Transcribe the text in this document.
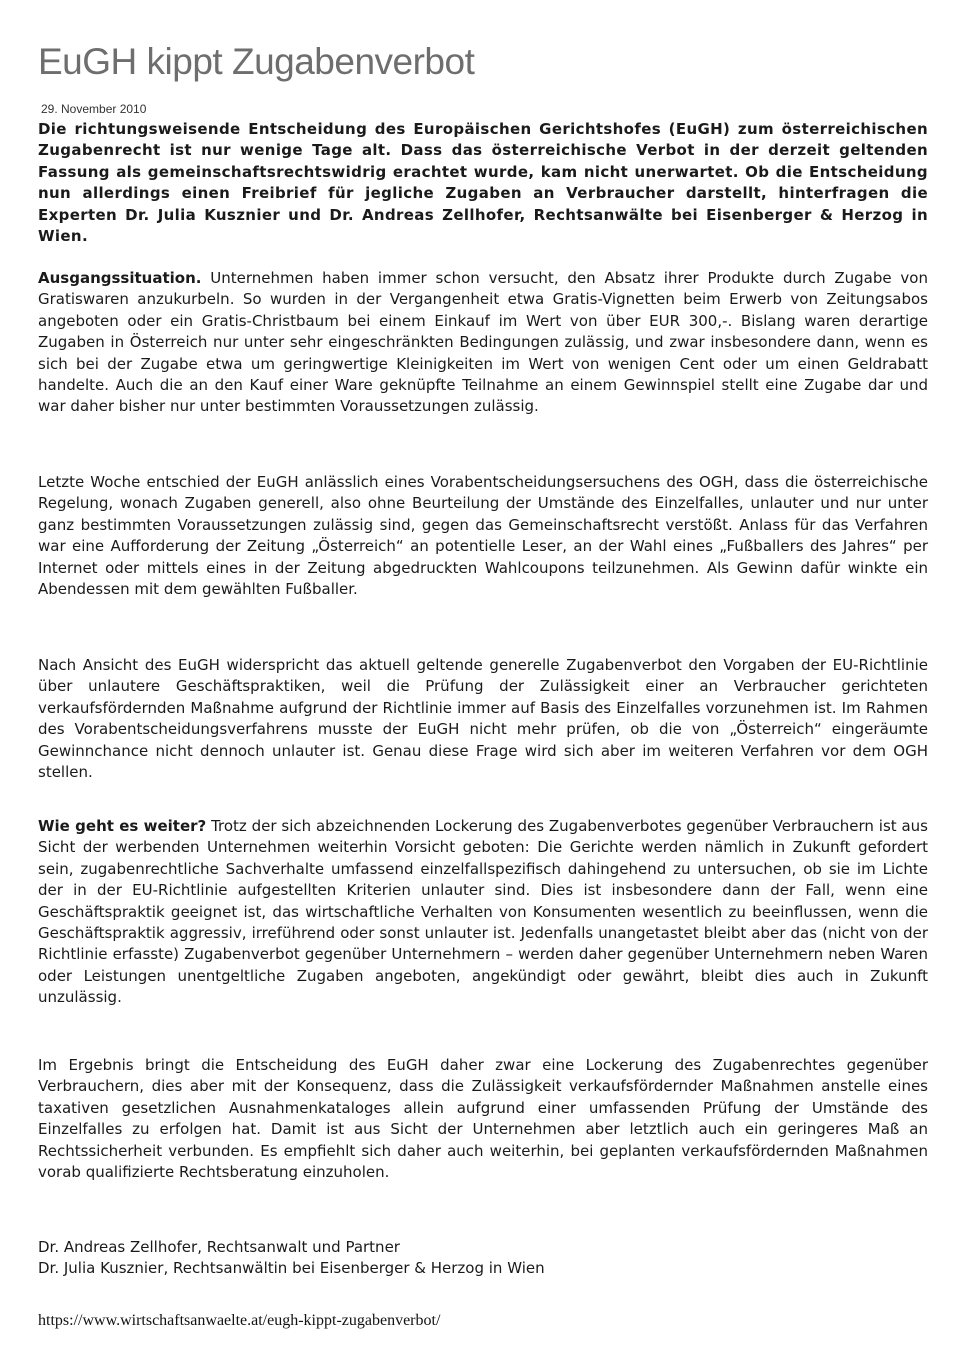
EuGH kippt Zugabenverbot
29. November 2010

Die richtungsweisende Entscheidung des Europäischen Gerichtshofes (EuGH) zum österreichischen Zugabenrecht ist nur wenige Tage alt. Dass das österreichische Verbot in der derzeit geltenden Fassung als gemeinschaftsrechtswidrig erachtet wurde, kam nicht unerwartet. Ob die Entscheidung nun allerdings einen Freibrief für jegliche Zugaben an Verbraucher darstellt, hinterfragen die Experten Dr. Julia Kusznier und Dr. Andreas Zellhofer, Rechtsanwälte bei Eisenberger & Herzog in Wien.

Ausgangssituation. Unternehmen haben immer schon versucht, den Absatz ihrer Produkte durch Zugabe von Gratiswaren anzukurbeln. So wurden in der Vergangenheit etwa Gratis-Vignetten beim Erwerb von Zeitungsabos angeboten oder ein Gratis-Christbaum bei einem Einkauf im Wert von über EUR 300,-. Bislang waren derartige Zugaben in Österreich nur unter sehr eingeschränkten Bedingungen zulässig, und zwar insbesondere dann, wenn es sich bei der Zugabe etwa um geringwertige Kleinigkeiten im Wert von wenigen Cent oder um einen Geldrabatt handelte. Auch die an den Kauf einer Ware geknüpfte Teilnahme an einem Gewinnspiel stellt eine Zugabe dar und war daher bisher nur unter bestimmten Voraussetzungen zulässig.

Letzte Woche entschied der EuGH anlässlich eines Vorabentscheidungsersuchens des OGH, dass die österreichische Regelung, wonach Zugaben generell, also ohne Beurteilung der Umstände des Einzelfalles, unlauter und nur unter ganz bestimmten Voraussetzungen zulässig sind, gegen das Gemeinschaftsrecht verstößt. Anlass für das Verfahren war eine Aufforderung der Zeitung „Österreich“ an potentielle Leser, an der Wahl eines „Fußballers des Jahres“ per Internet oder mittels eines in der Zeitung abgedruckten Wahlcoupons teilzunehmen. Als Gewinn dafür winkte ein Abendessen mit dem gewählten Fußballer.

Nach Ansicht des EuGH widerspricht das aktuell geltende generelle Zugabenverbot den Vorgaben der EU-Richtlinie über unlautere Geschäftspraktiken, weil die Prüfung der Zulässigkeit einer an Verbraucher gerichteten verkaufsfördernden Maßnahme aufgrund der Richtlinie immer auf Basis des Einzelfalles vorzunehmen ist. Im Rahmen des Vorabentscheidungsverfahrens musste der EuGH nicht mehr prüfen, ob die von „Österreich“ eingeräumte Gewinnchance nicht dennoch unlauter ist. Genau diese Frage wird sich aber im weiteren Verfahren vor dem OGH stellen.

Wie geht es weiter? Trotz der sich abzeichnenden Lockerung des Zugabenverbotes gegenüber Verbrauchern ist aus Sicht der werbenden Unternehmen weiterhin Vorsicht geboten: Die Gerichte werden nämlich in Zukunft gefordert sein, zugabenrechtliche Sachverhalte umfassend einzelfallspezifisch dahingehend zu untersuchen, ob sie im Lichte der in der EU-Richtlinie aufgestellten Kriterien unlauter sind. Dies ist insbesondere dann der Fall, wenn eine Geschäftspraktik geeignet ist, das wirtschaftliche Verhalten von Konsumenten wesentlich zu beeinflussen, wenn die Geschäftspraktik aggressiv, irreführend oder sonst unlauter ist. Jedenfalls unangetastet bleibt aber das (nicht von der Richtlinie erfasste) Zugabenverbot gegenüber Unternehmern – werden daher gegenüber Unternehmern neben Waren oder Leistungen unentgeltliche Zugaben angeboten, angekündigt oder gewährt, bleibt dies auch in Zukunft unzulässig.

Im Ergebnis bringt die Entscheidung des EuGH daher zwar eine Lockerung des Zugabenrechtes gegenüber Verbrauchern, dies aber mit der Konsequenz, dass die Zulässigkeit verkaufsfördernder Maßnahmen anstelle eines taxativen gesetzlichen Ausnahmenkataloges allein aufgrund einer umfassenden Prüfung der Umstände des Einzelfalles zu erfolgen hat. Damit ist aus Sicht der Unternehmen aber letztlich auch ein geringeres Maß an Rechtssicherheit verbunden. Es empfiehlt sich daher auch weiterhin, bei geplanten verkaufsfördernden Maßnahmen vorab qualifizierte Rechtsberatung einzuholen.

Dr. Andreas Zellhofer, Rechtsanwalt und Partner
Dr. Julia Kusznier, Rechtsanwältin bei Eisenberger & Herzog in Wien
https://www.wirtschaftsanwaelte.at/eugh-kippt-zugabenverbot/
